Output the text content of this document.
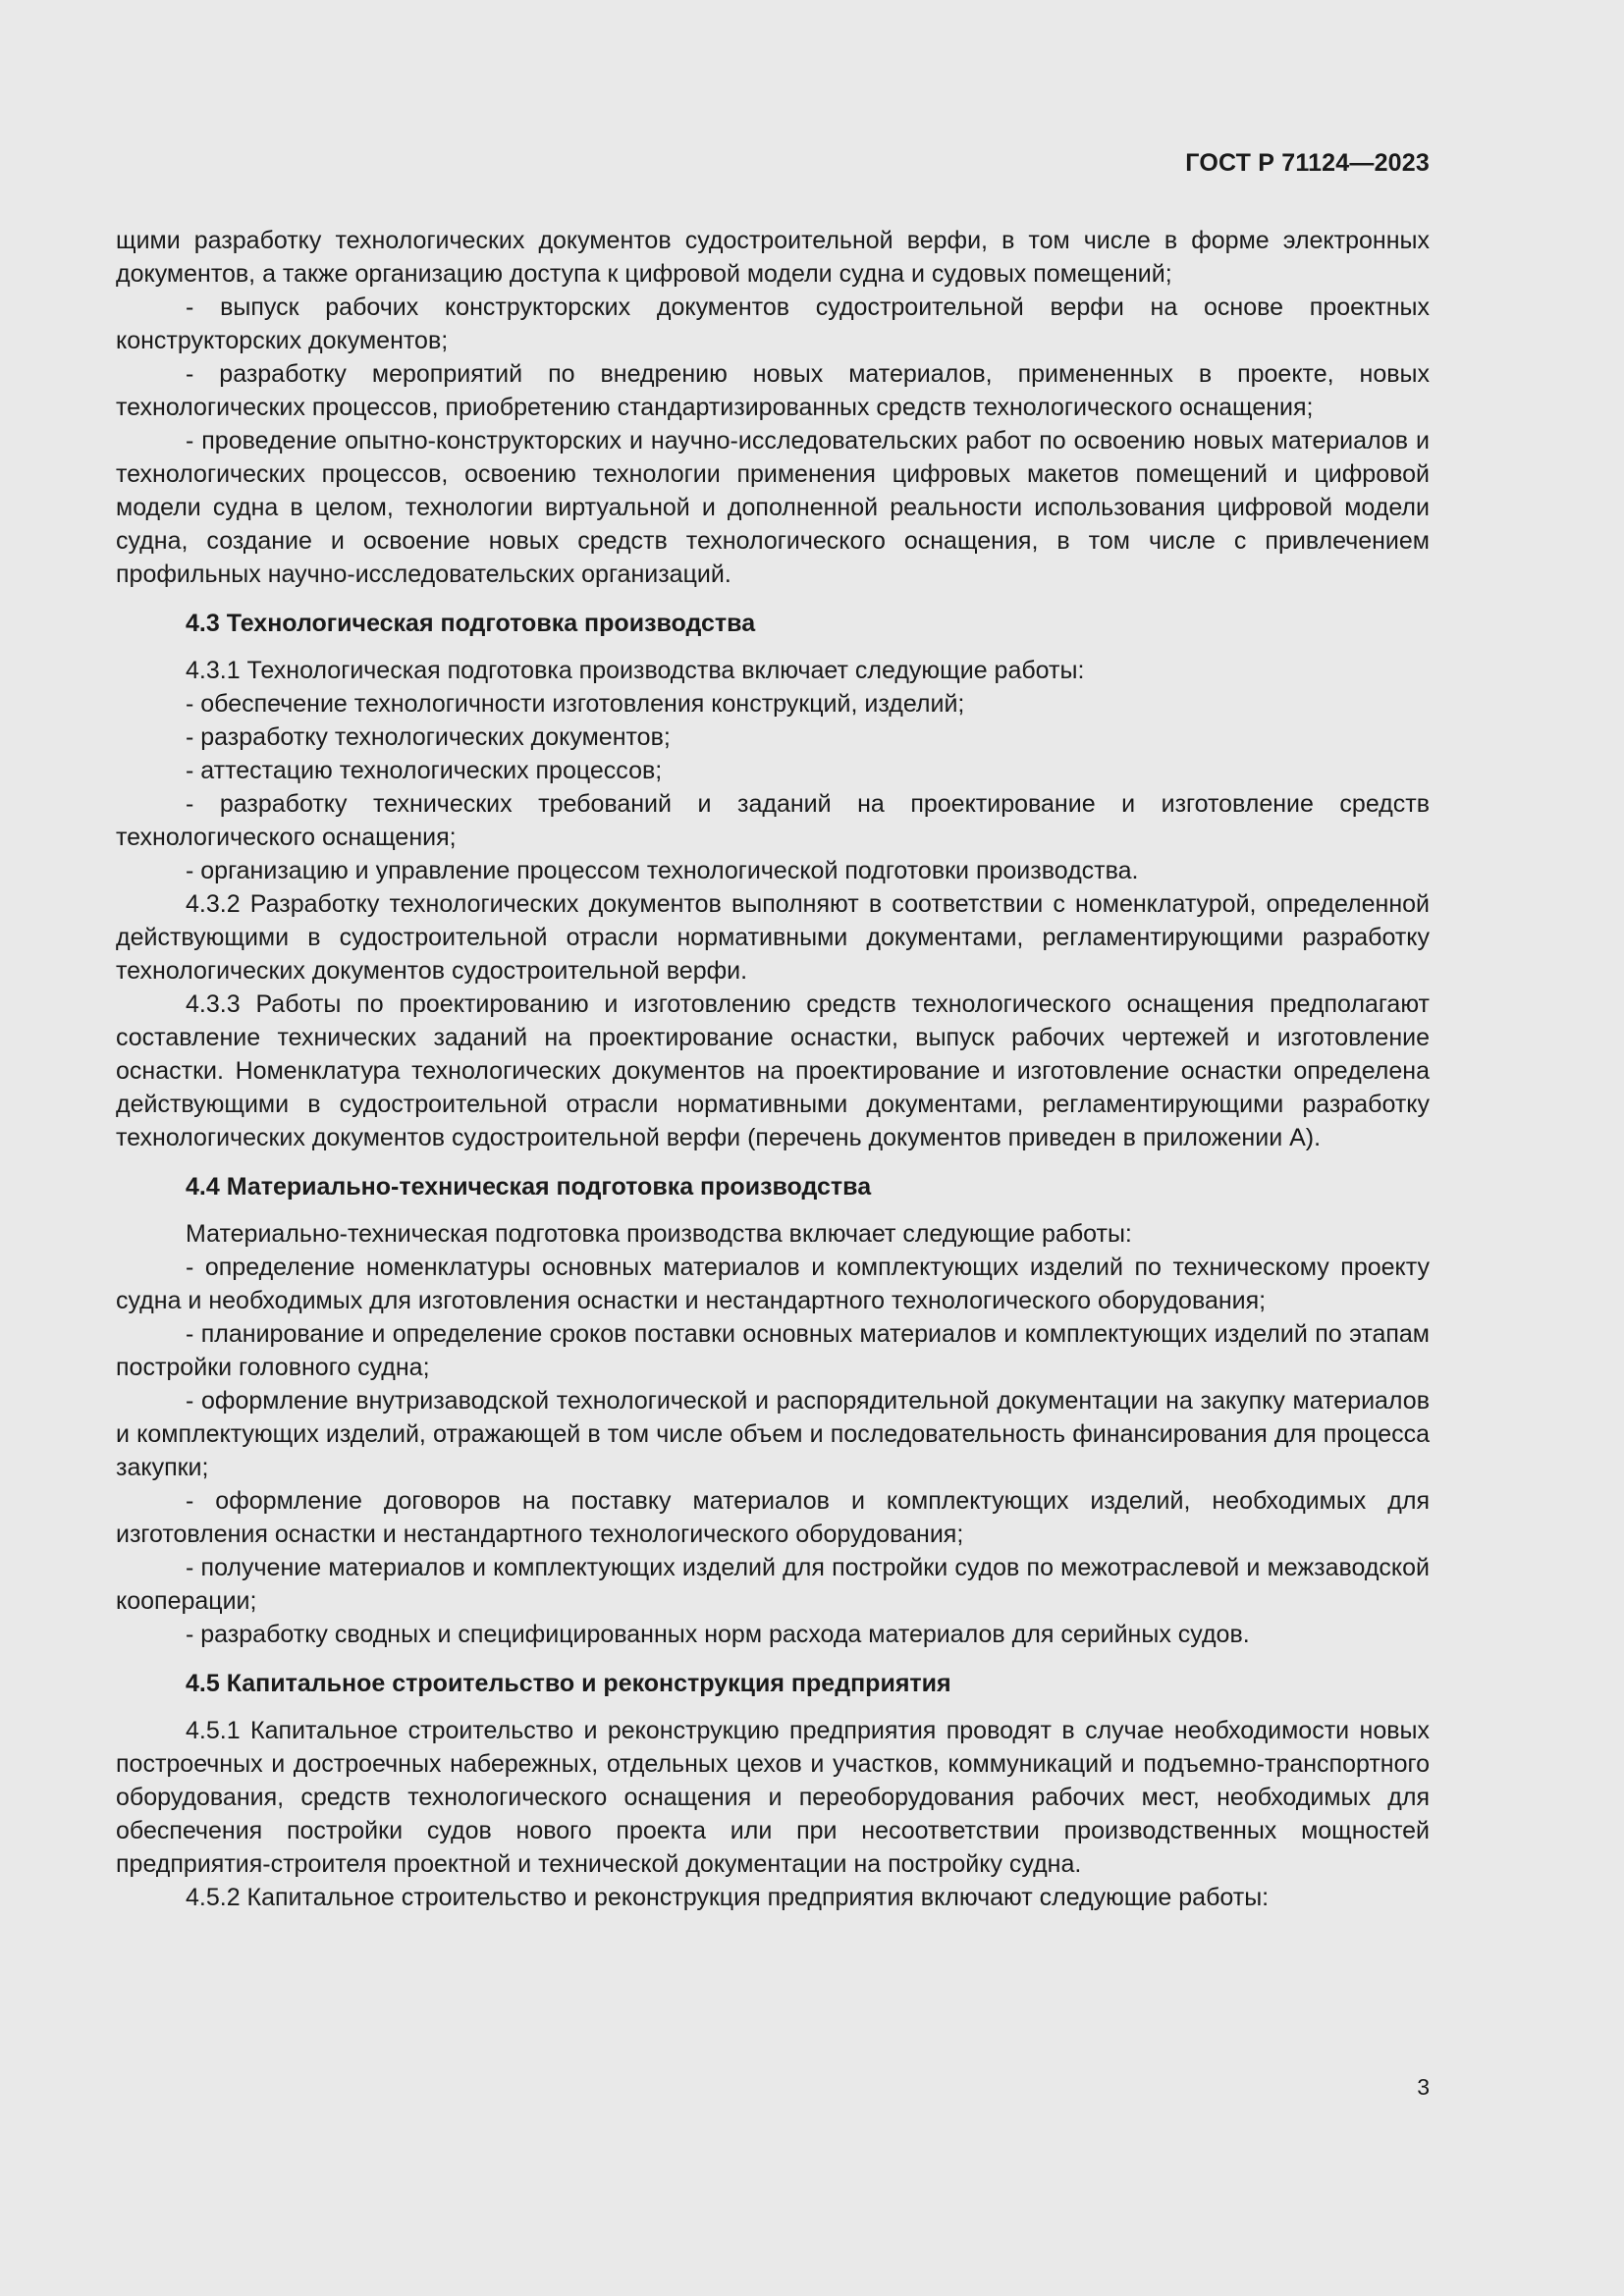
ГОСТ Р 71124—2023

щими разработку технологических документов судостроительной верфи, в том числе в форме электронных документов, а также организацию доступа к цифровой модели судна и судовых помещений;

- выпуск рабочих конструкторских документов судостроительной верфи на основе проектных конструкторских документов;

- разработку мероприятий по внедрению новых материалов, примененных в проекте, новых технологических процессов, приобретению стандартизированных средств технологического оснащения;

- проведение опытно-конструкторских и научно-исследовательских работ по освоению новых материалов и технологических процессов, освоению технологии применения цифровых макетов помещений и цифровой модели судна в целом, технологии виртуальной и дополненной реальности использования цифровой модели судна, создание и освоение новых средств технологического оснащения, в том числе с привлечением профильных научно-исследовательских организаций.

4.3 Технологическая подготовка производства

4.3.1 Технологическая подготовка производства включает следующие работы:

- обеспечение технологичности изготовления конструкций, изделий;

- разработку технологических документов;

- аттестацию технологических процессов;

- разработку технических требований и заданий на проектирование и изготовление средств технологического оснащения;

- организацию и управление процессом технологической подготовки производства.

4.3.2 Разработку технологических документов выполняют в соответствии с номенклатурой, определенной действующими в судостроительной отрасли нормативными документами, регламентирующими разработку технологических документов судостроительной верфи.

4.3.3 Работы по проектированию и изготовлению средств технологического оснащения предполагают составление технических заданий на проектирование оснастки, выпуск рабочих чертежей и изготовление оснастки. Номенклатура технологических документов на проектирование и изготовление оснастки определена действующими в судостроительной отрасли нормативными документами, регламентирующими разработку технологических документов судостроительной верфи (перечень документов приведен в приложении А).

4.4 Материально-техническая подготовка производства

Материально-техническая подготовка производства включает следующие работы:

- определение номенклатуры основных материалов и комплектующих изделий по техническому проекту судна и необходимых для изготовления оснастки и нестандартного технологического оборудования;

- планирование и определение сроков поставки основных материалов и комплектующих изделий по этапам постройки головного судна;

- оформление внутризаводской технологической и распорядительной документации на закупку материалов и комплектующих изделий, отражающей в том числе объем и последовательность финансирования для процесса закупки;

- оформление договоров на поставку материалов и комплектующих изделий, необходимых для изготовления оснастки и нестандартного технологического оборудования;

- получение материалов и комплектующих изделий для постройки судов по межотраслевой и межзаводской кооперации;

- разработку сводных и специфицированных норм расхода материалов для серийных судов.

4.5 Капитальное строительство и реконструкция предприятия

4.5.1 Капитальное строительство и реконструкцию предприятия проводят в случае необходимости новых построечных и достроечных набережных, отдельных цехов и участков, коммуникаций и подъемно-транспортного оборудования, средств технологического оснащения и переоборудования рабочих мест, необходимых для обеспечения постройки судов нового проекта или при несоответствии производственных мощностей предприятия-строителя проектной и технической документации на постройку судна.

4.5.2 Капитальное строительство и реконструкция предприятия включают следующие работы:

3
